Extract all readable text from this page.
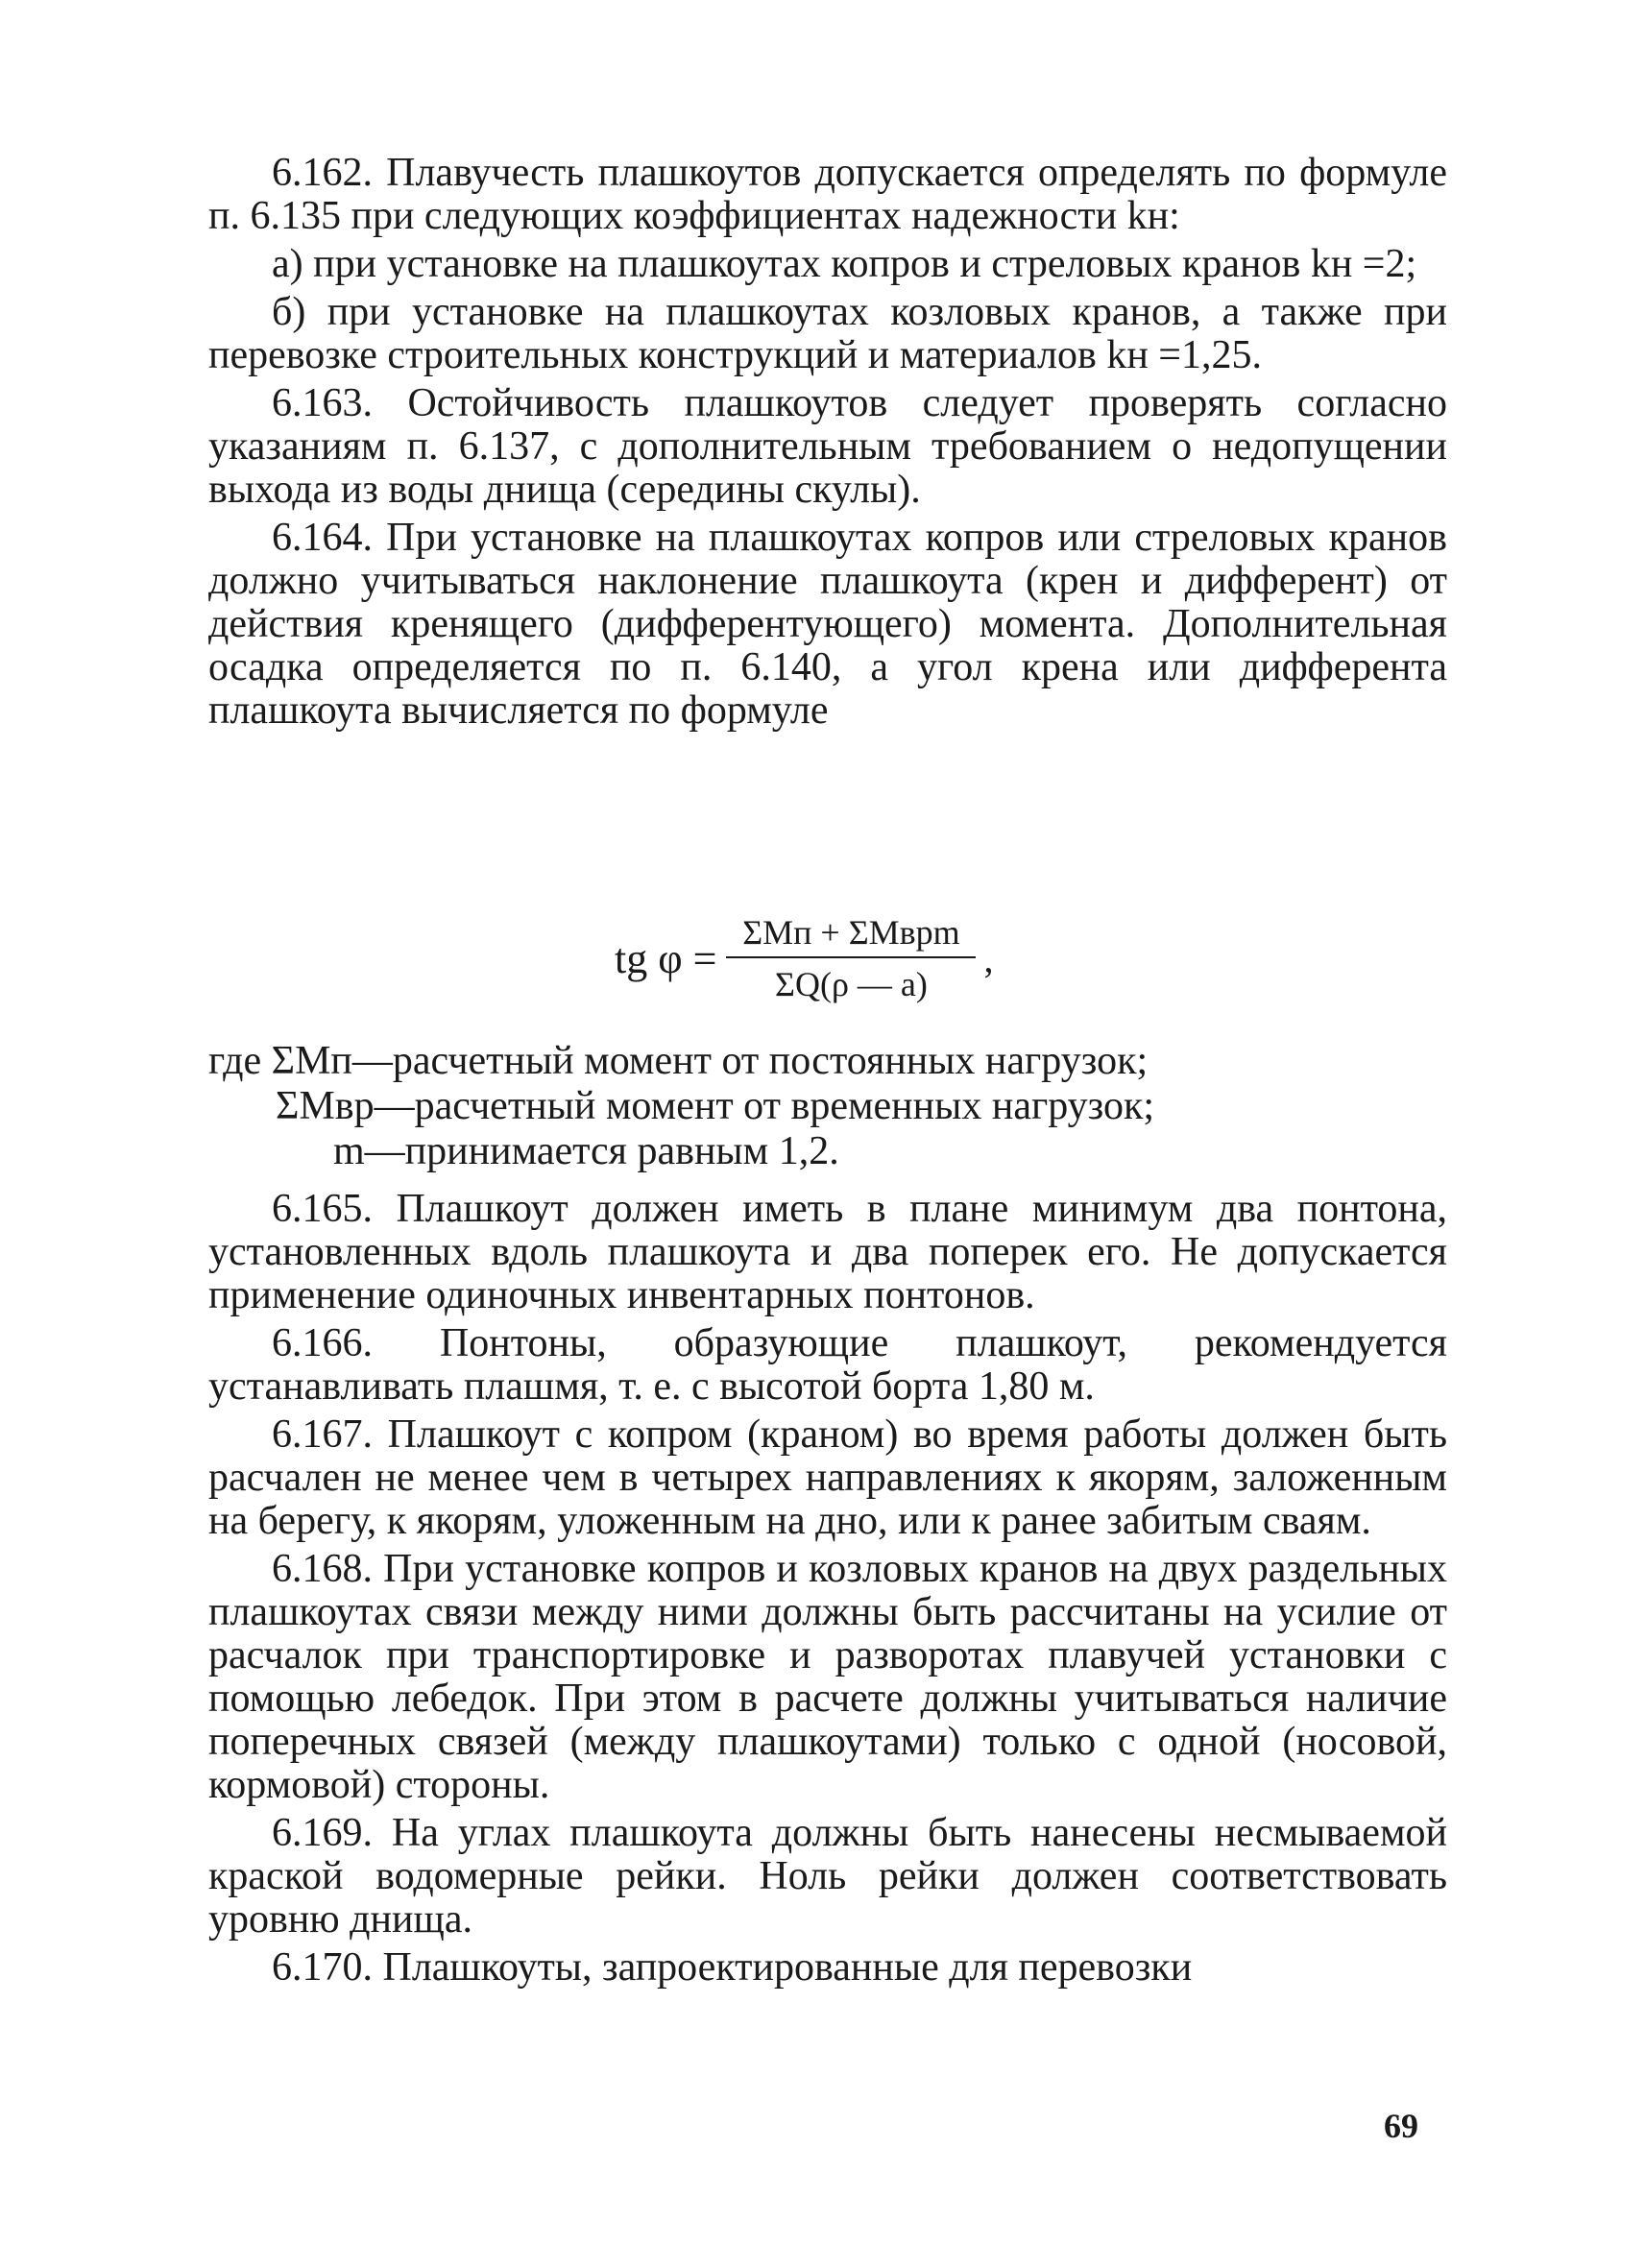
6.162. Плавучесть плашкоутов допускается определять по формуле п. 6.135 при следующих коэффициентах надежности kн:

а) при установке на плашкоутах копров и стреловых кранов kн =2;

б) при установке на плашкоутах козловых кранов, а также при перевозке строительных конструкций и материалов kн =1,25.

6.163. Остойчивость плашкоутов следует проверять согласно указаниям п. 6.137, с дополнительным требованием о недопущении выхода из воды днища (середины скулы).

6.164. При установке на плашкоутах копров или стреловых кранов должно учитываться наклонение плашкоута (крен и дифферент) от действия кренящего (дифферентующего) момента. Дополнительная осадка определяется по п. 6.140, а угол крена или дифферента плашкоута вычисляется по формуле

tg $\varphi = \frac{\text{ΣMп + ΣMврm}}{\Sigma Q(\rho — a)}$ ,
где ΣMп—расчетный момент от постоянных нагрузок;
ΣMвр—расчетный момент от временных нагрузок;
m—принимается равным 1,2.

6.165. Плашкоут должен иметь в плане минимум два понтона, установленных вдоль плашкоута и два поперек его. Не допускается применение одиночных инвентарных понтонов.

6.166. Понтоны, образующие плашкоут, рекомендуется устанавливать плашмя, т. е. с высотой борта 1,80 м.

6.167. Плашкоут с копром (краном) во время работы должен быть расчален не менее чем в четырех направлениях к якорям, заложенным на берегу, к якорям, уложенным на дно, или к ранее забитым сваям.

6.168. При установке копров и козловых кранов на двух раздельных плашкоутах связи между ними должны быть рассчитаны на усилие от расчалок при транспортировке и разворотах плавучей установки с помощью лебедок. При этом в расчете должны учитываться наличие поперечных связей (между плашкоутами) только с одной (носовой, кормовой) стороны.

6.169. На углах плашкоута должны быть нанесены несмываемой краской водомерные рейки. Ноль рейки должен соответствовать уровню днища.

6.170. Плашкоуты, запроектированные для перевозки

69
